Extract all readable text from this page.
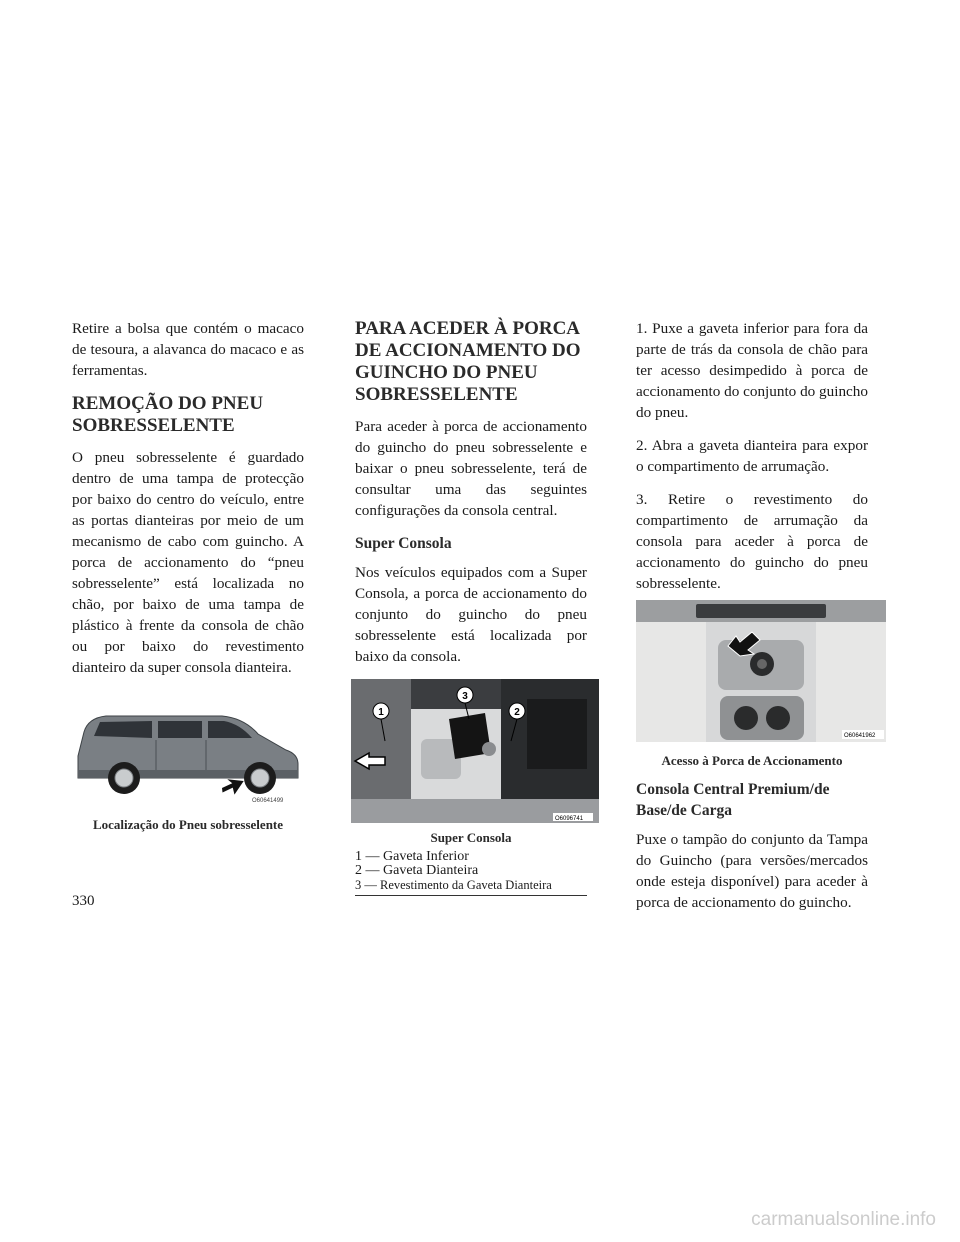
Retire a bolsa que contém o macaco de tesoura, a alavanca do macaco e as ferramentas.

REMOÇÃO DO PNEU SOBRESSELENTE

O pneu sobresselente é guardado dentro de uma tampa de protecção por baixo do centro do veículo, entre as portas dianteiras por meio de um mecanismo de cabo com guincho. A porca de accionamento do “pneu sobresselente” está localizada no chão, por baixo de uma tampa de plástico à frente da consola de chão ou por baixo do revestimento dianteiro da super consola dianteira.

O60641499
Localização do Pneu sobresselente
PARA ACEDER À PORCA DE ACCIONAMENTO DO GUINCHO DO PNEU SOBRESSELENTE

Para aceder à porca de accionamento do guincho do pneu sobresselente e baixar o pneu sobresselente, terá de consultar uma das seguintes configurações da consola central.

Super Consola

Nos veículos equipados com a Super Consola, a porca de accionamento do conjunto do guincho do pneu sobresselente está localizada por baixo da consola.

1	2
3
O6096741
Super Consola
1 — Gaveta Inferior
2 — Gaveta Dianteira
3 — Revestimento da Gaveta Dianteira

1. Puxe a gaveta inferior para fora da parte de trás da consola de chão para ter acesso desimpedido à porca de accionamento do conjunto do guincho do pneu.

2. Abra a gaveta dianteira para expor o compartimento de arrumação.

3. Retire o revestimento do compartimento de arrumação da consola para aceder à porca de accionamento do guincho do pneu sobresselente.

O60641962
Acesso à Porca de Accionamento
Consola Central Premium/de Base/de Carga

Puxe o tampão do conjunto da Tampa do Guincho (para versões/mercados onde esteja disponível) para aceder à porca de accionamento do guincho.

330
carmanualsonline.info
